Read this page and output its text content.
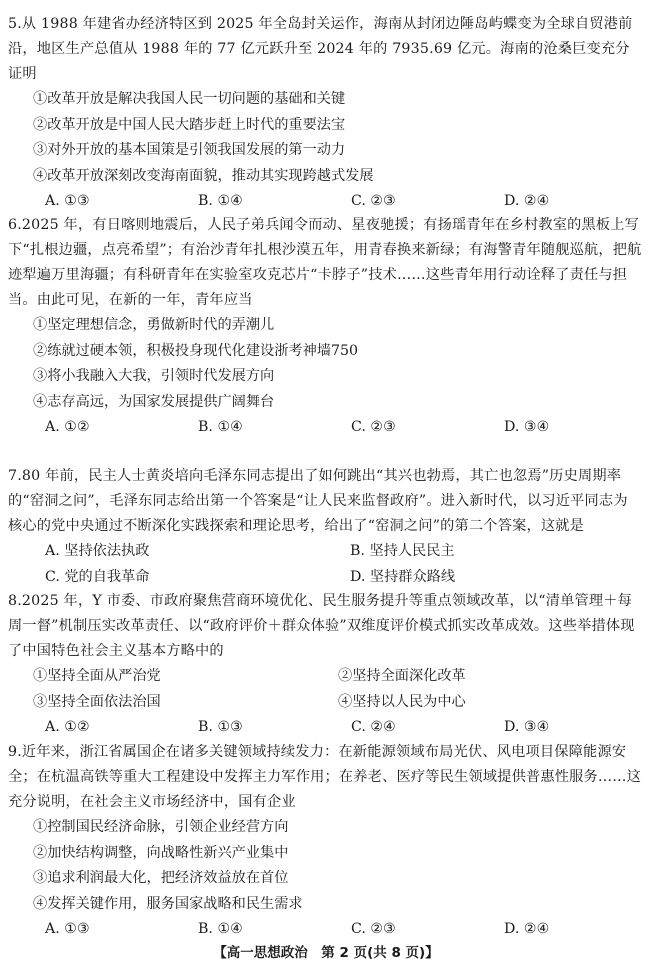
5.从 1988 年建省办经济特区到 2025 年全岛封关运作，海南从封闭边陲岛屿蝶变为全球自贸港前沿，地区生产总值从 1988 年的 77 亿元跃升至 2024 年的 7935.69 亿元。海南的沧桑巨变充分证明
①改革开放是解决我国人民一切问题的基础和关键
②改革开放是中国人民大踏步赶上时代的重要法宝
③对外开放的基本国策是引领我国发展的第一动力
④改革开放深刻改变海南面貌，推动其实现跨越式发展
A. ①③	B. ①④	C. ②③	D. ②④
6.2025 年，有日喀则地震后，人民子弟兵闻令而动、星夜驰援；有扬瑶青年在乡村教室的黑板上写下“扎根边疆，点亮希望”；有治沙青年扎根沙漠五年，用青春换来新绿；有海警青年随舰巡航，把航迹犁遍万里海疆；有科研青年在实验室攻克芯片“卡脖子”技术……这些青年用行动诠释了责任与担当。由此可见，在新的一年，青年应当
①坚定理想信念，勇做新时代的弄潮儿
②练就过硬本领，积极投身现代化建设浙考神墙750
③将小我融入大我，引领时代发展方向
④志存高远，为国家发展提供广阔舞台
A. ①②	B. ①④	C. ②③	D. ③④
7.80 年前，民主人士黄炎培向毛泽东同志提出了如何跳出“其兴也勃焉，其亡也忽焉”历史周期率的“窑洞之问”，毛泽东同志给出第一个答案是“让人民来监督政府”。进入新时代，以习近平同志为核心的党中央通过不断深化实践探索和理论思考，给出了“窑洞之问”的第二个答案，这就是
A. 坚持依法执政	B. 坚持人民民主
C. 党的自我革命	D. 坚持群众路线
8.2025 年，Y 市委、市政府聚焦营商环境优化、民生服务提升等重点领域改革，以“清单管理＋每周一督”机制压实改革责任、以“政府评价＋群众体验”双维度评价模式抓实改革成效。这些举措体现了中国特色社会主义基本方略中的
①坚持全面从严治党	②坚持全面深化改革
③坚持全面依法治国	④坚持以人民为中心
A. ①②	B. ①③	C. ②④	D. ③④
9.近年来，浙江省属国企在诸多关键领域持续发力：在新能源领域布局光伏、风电项目保障能源安全；在杭温高铁等重大工程建设中发挥主力军作用；在养老、医疗等民生领域提供普惠性服务……这充分说明，在社会主义市场经济中，国有企业
①控制国民经济命脉，引领企业经营方向
②加快结构调整，向战略性新兴产业集中
③追求利润最大化，把经济效益放在首位
④发挥关键作用，服务国家战略和民生需求
A. ①③	B. ①④	C. ②③	D. ②④
【高一思想政治　第 2 页(共 8 页)】
